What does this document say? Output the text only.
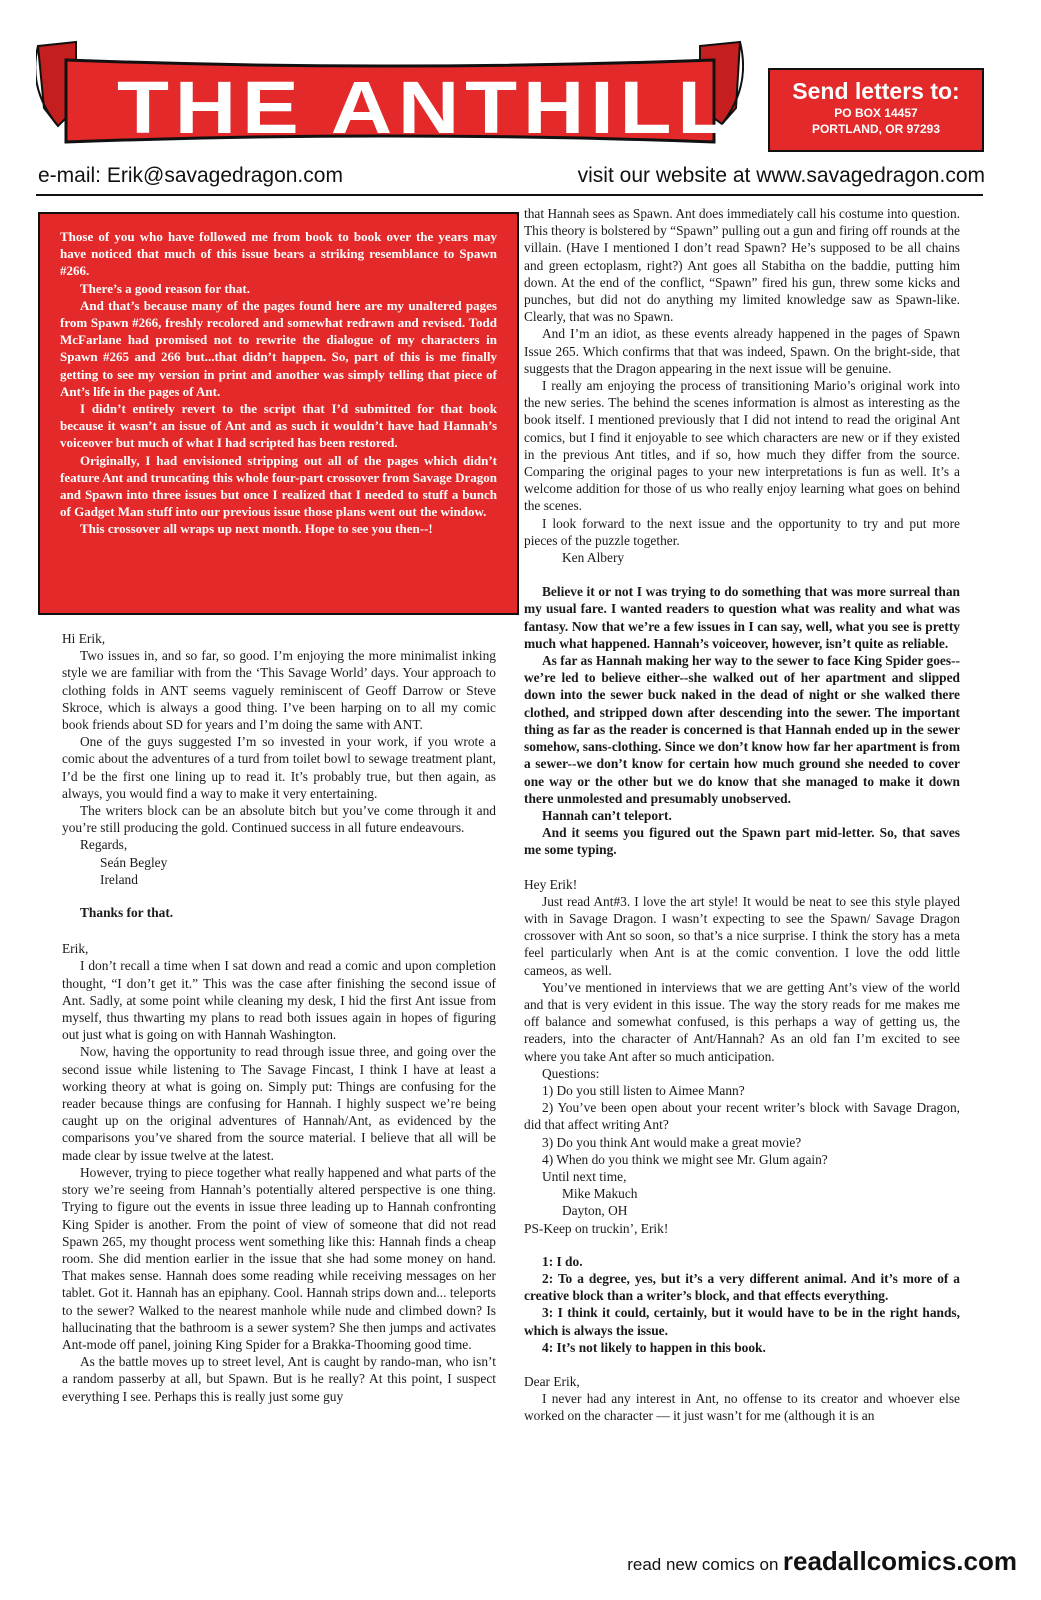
THE ANTHILL	Send letters to:
PO BOX 14457
PORTLAND, OR 97293
e-mail: Erik@savagedragon.com	visit our website at www.savagedragon.com

Those of you who have followed me from book to book over the years may have noticed that much of this issue bears a striking resemblance to Spawn #266.

There’s a good reason for that.

And that’s because many of the pages found here are my unaltered pages from Spawn #266, freshly recolored and somewhat redrawn and revised. Todd McFarlane had promised not to rewrite the dialogue of my characters in Spawn #265 and 266 but...that didn’t happen. So, part of this is me finally getting to see my version in print and another was simply telling that piece of Ant’s life in the pages of Ant.

I didn’t entirely revert to the script that I’d submitted for that book because it wasn’t an issue of Ant and as such it wouldn’t have had Hannah’s voiceover but much of what I had scripted has been restored.

Originally, I had envisioned stripping out all of the pages which didn’t feature Ant and truncating this whole four-part crossover from Savage Dragon and Spawn into three issues but once I realized that I needed to stuff a bunch of Gadget Man stuff into our previous issue those plans went out the window.

This crossover all wraps up next month. Hope to see you then--!

Hi Erik,

Two issues in, and so far, so good. I’m enjoying the more minimalist inking style we are familiar with from the ‘This Savage World’ days. Your approach to clothing folds in ANT seems vaguely reminiscent of Geoff Darrow or Steve Skroce, which is always a good thing. I’ve been harping on to all my comic book friends about SD for years and I’m doing the same with ANT.

One of the guys suggested I’m so invested in your work, if you wrote a comic about the adventures of a turd from toilet bowl to sewage treatment plant, I’d be the first one lining up to read it. It’s probably true, but then again, as always, you would find a way to make it very entertaining.

The writers block can be an absolute bitch but you’ve come through it and you’re still producing the gold. Continued success in all future endeavours.

Regards,

Seán Begley

Ireland

Thanks for that.

Erik,

I don’t recall a time when I sat down and read a comic and upon completion thought, “I don’t get it.” This was the case after finishing the second issue of Ant. Sadly, at some point while cleaning my desk, I hid the first Ant issue from myself, thus thwarting my plans to read both issues again in hopes of figuring out just what is going on with Hannah Washington.

Now, having the opportunity to read through issue three, and going over the second issue while listening to The Savage Fincast, I think I have at least a working theory at what is going on. Simply put: Things are confusing for the reader because things are confusing for Hannah. I highly suspect we’re being caught up on the original adventures of Hannah/Ant, as evidenced by the comparisons you’ve shared from the source material. I believe that all will be made clear by issue twelve at the latest.

However, trying to piece together what really happened and what parts of the story we’re seeing from Hannah’s potentially altered perspective is one thing. Trying to figure out the events in issue three leading up to Hannah confronting King Spider is another. From the point of view of someone that did not read Spawn 265, my thought process went something like this: Hannah finds a cheap room. She did mention earlier in the issue that she had some money on hand. That makes sense. Hannah does some reading while receiving messages on her tablet. Got it. Hannah has an epiphany. Cool. Hannah strips down and... teleports to the sewer? Walked to the nearest manhole while nude and climbed down? Is hallucinating that the bathroom is a sewer system? She then jumps and activates Ant-mode off panel, joining King Spider for a Brakka-Thooming good time.

As the battle moves up to street level, Ant is caught by rando-man, who isn’t a random passerby at all, but Spawn. But is he really? At this point, I suspect everything I see. Perhaps this is really just some guy

that Hannah sees as Spawn. Ant does immediately call his costume into question. This theory is bolstered by “Spawn” pulling out a gun and firing off rounds at the villain. (Have I mentioned I don’t read Spawn? He’s supposed to be all chains and green ectoplasm, right?) Ant goes all Stabitha on the baddie, putting him down. At the end of the conflict, “Spawn” fired his gun, threw some kicks and punches, but did not do anything my limited knowledge saw as Spawn-like. Clearly, that was no Spawn.

And I’m an idiot, as these events already happened in the pages of Spawn Issue 265. Which confirms that that was indeed, Spawn. On the bright-side, that suggests that the Dragon appearing in the next issue will be genuine.

I really am enjoying the process of transitioning Mario’s original work into the new series. The behind the scenes information is almost as interesting as the book itself. I mentioned previously that I did not intend to read the original Ant comics, but I find it enjoyable to see which characters are new or if they existed in the previous Ant titles, and if so, how much they differ from the source. Comparing the original pages to your new interpretations is fun as well. It’s a welcome addition for those of us who really enjoy learning what goes on behind the scenes.

I look forward to the next issue and the opportunity to try and put more pieces of the puzzle together.

Ken Albery

Believe it or not I was trying to do something that was more surreal than my usual fare. I wanted readers to question what was reality and what was fantasy. Now that we’re a few issues in I can say, well, what you see is pretty much what happened. Hannah’s voiceover, however, isn’t quite as reliable.

As far as Hannah making her way to the sewer to face King Spider goes--we’re led to believe either--she walked out of her apartment and slipped down into the sewer buck naked in the dead of night or she walked there clothed, and stripped down after descending into the sewer. The important thing as far as the reader is concerned is that Hannah ended up in the sewer somehow, sans-clothing. Since we don’t know how far her apartment is from a sewer--we don’t know for certain how much ground she needed to cover one way or the other but we do know that she managed to make it down there unmolested and presumably unobserved.

Hannah can’t teleport.

And it seems you figured out the Spawn part mid-letter. So, that saves me some typing.

Hey Erik!

Just read Ant#3. I love the art style! It would be neat to see this style played with in Savage Dragon. I wasn’t expecting to see the Spawn/ Savage Dragon crossover with Ant so soon, so that’s a nice surprise. I think the story has a meta feel particularly when Ant is at the comic convention. I love the odd little cameos, as well.

You’ve mentioned in interviews that we are getting Ant’s view of the world and that is very evident in this issue. The way the story reads for me makes me off balance and somewhat confused, is this perhaps a way of getting us, the readers, into the character of Ant/Hannah? As an old fan I’m excited to see where you take Ant after so much anticipation.

Questions:

1) Do you still listen to Aimee Mann?

2) You’ve been open about your recent writer’s block with Savage Dragon, did that affect writing Ant?

3) Do you think Ant would make a great movie?

4) When do you think we might see Mr. Glum again?

Until next time,

Mike Makuch

Dayton, OH

PS-Keep on truckin’, Erik!

1: I do.

2: To a degree, yes, but it’s a very different animal. And it’s more of a creative block than a writer’s block, and that effects everything.

3: I think it could, certainly, but it would have to be in the right hands, which is always the issue.

4: It’s not likely to happen in this book.

Dear Erik,

I never had any interest in Ant, no offense to its creator and whoever else worked on the character — it just wasn’t for me (although it is an

read new comics on readallcomics.com
